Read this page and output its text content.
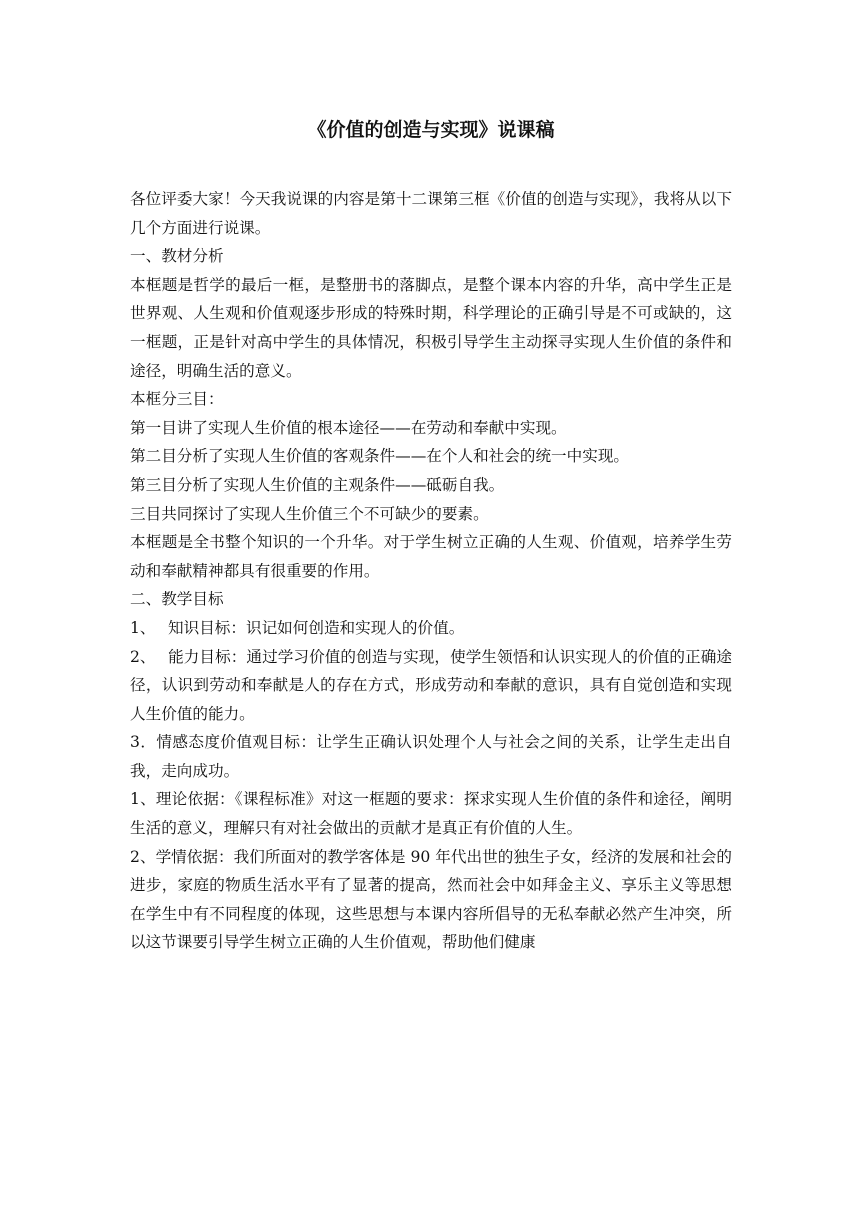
《价值的创造与实现》说课稿

各位评委大家！今天我说课的内容是第十二课第三框《价值的创造与实现》，我将从以下几个方面进行说课。

一、教材分析

本框题是哲学的最后一框，是整册书的落脚点，是整个课本内容的升华，高中学生正是世界观、人生观和价值观逐步形成的特殊时期，科学理论的正确引导是不可或缺的，这一框题，正是针对高中学生的具体情况，积极引导学生主动探寻实现人生价值的条件和途径，明确生活的意义。

本框分三目：

第一目讲了实现人生价值的根本途径——在劳动和奉献中实现。

第二目分析了实现人生价值的客观条件——在个人和社会的统一中实现。

第三目分析了实现人生价值的主观条件——砥砺自我。

三目共同探讨了实现人生价值三个不可缺少的要素。

本框题是全书整个知识的一个升华。对于学生树立正确的人生观、价值观，培养学生劳动和奉献精神都具有很重要的作用。

二、教学目标

1、 知识目标：识记如何创造和实现人的价值。

2、 能力目标：通过学习价值的创造与实现，使学生领悟和认识实现人的价值的正确途径，认识到劳动和奉献是人的存在方式，形成劳动和奉献的意识，具有自觉创造和实现人生价值的能力。

3．情感态度价值观目标：让学生正确认识处理个人与社会之间的关系，让学生走出自我，走向成功。

1、理论依据：《课程标准》对这一框题的要求：探求实现人生价值的条件和途径，阐明生活的意义，理解只有对社会做出的贡献才是真正有价值的人生。

2、学情依据：我们所面对的教学客体是 90 年代出世的独生子女，经济的发展和社会的进步，家庭的物质生活水平有了显著的提高，然而社会中如拜金主义、享乐主义等思想在学生中有不同程度的体现，这些思想与本课内容所倡导的无私奉献必然产生冲突，所以这节课要引导学生树立正确的人生价值观，帮助他们健康
